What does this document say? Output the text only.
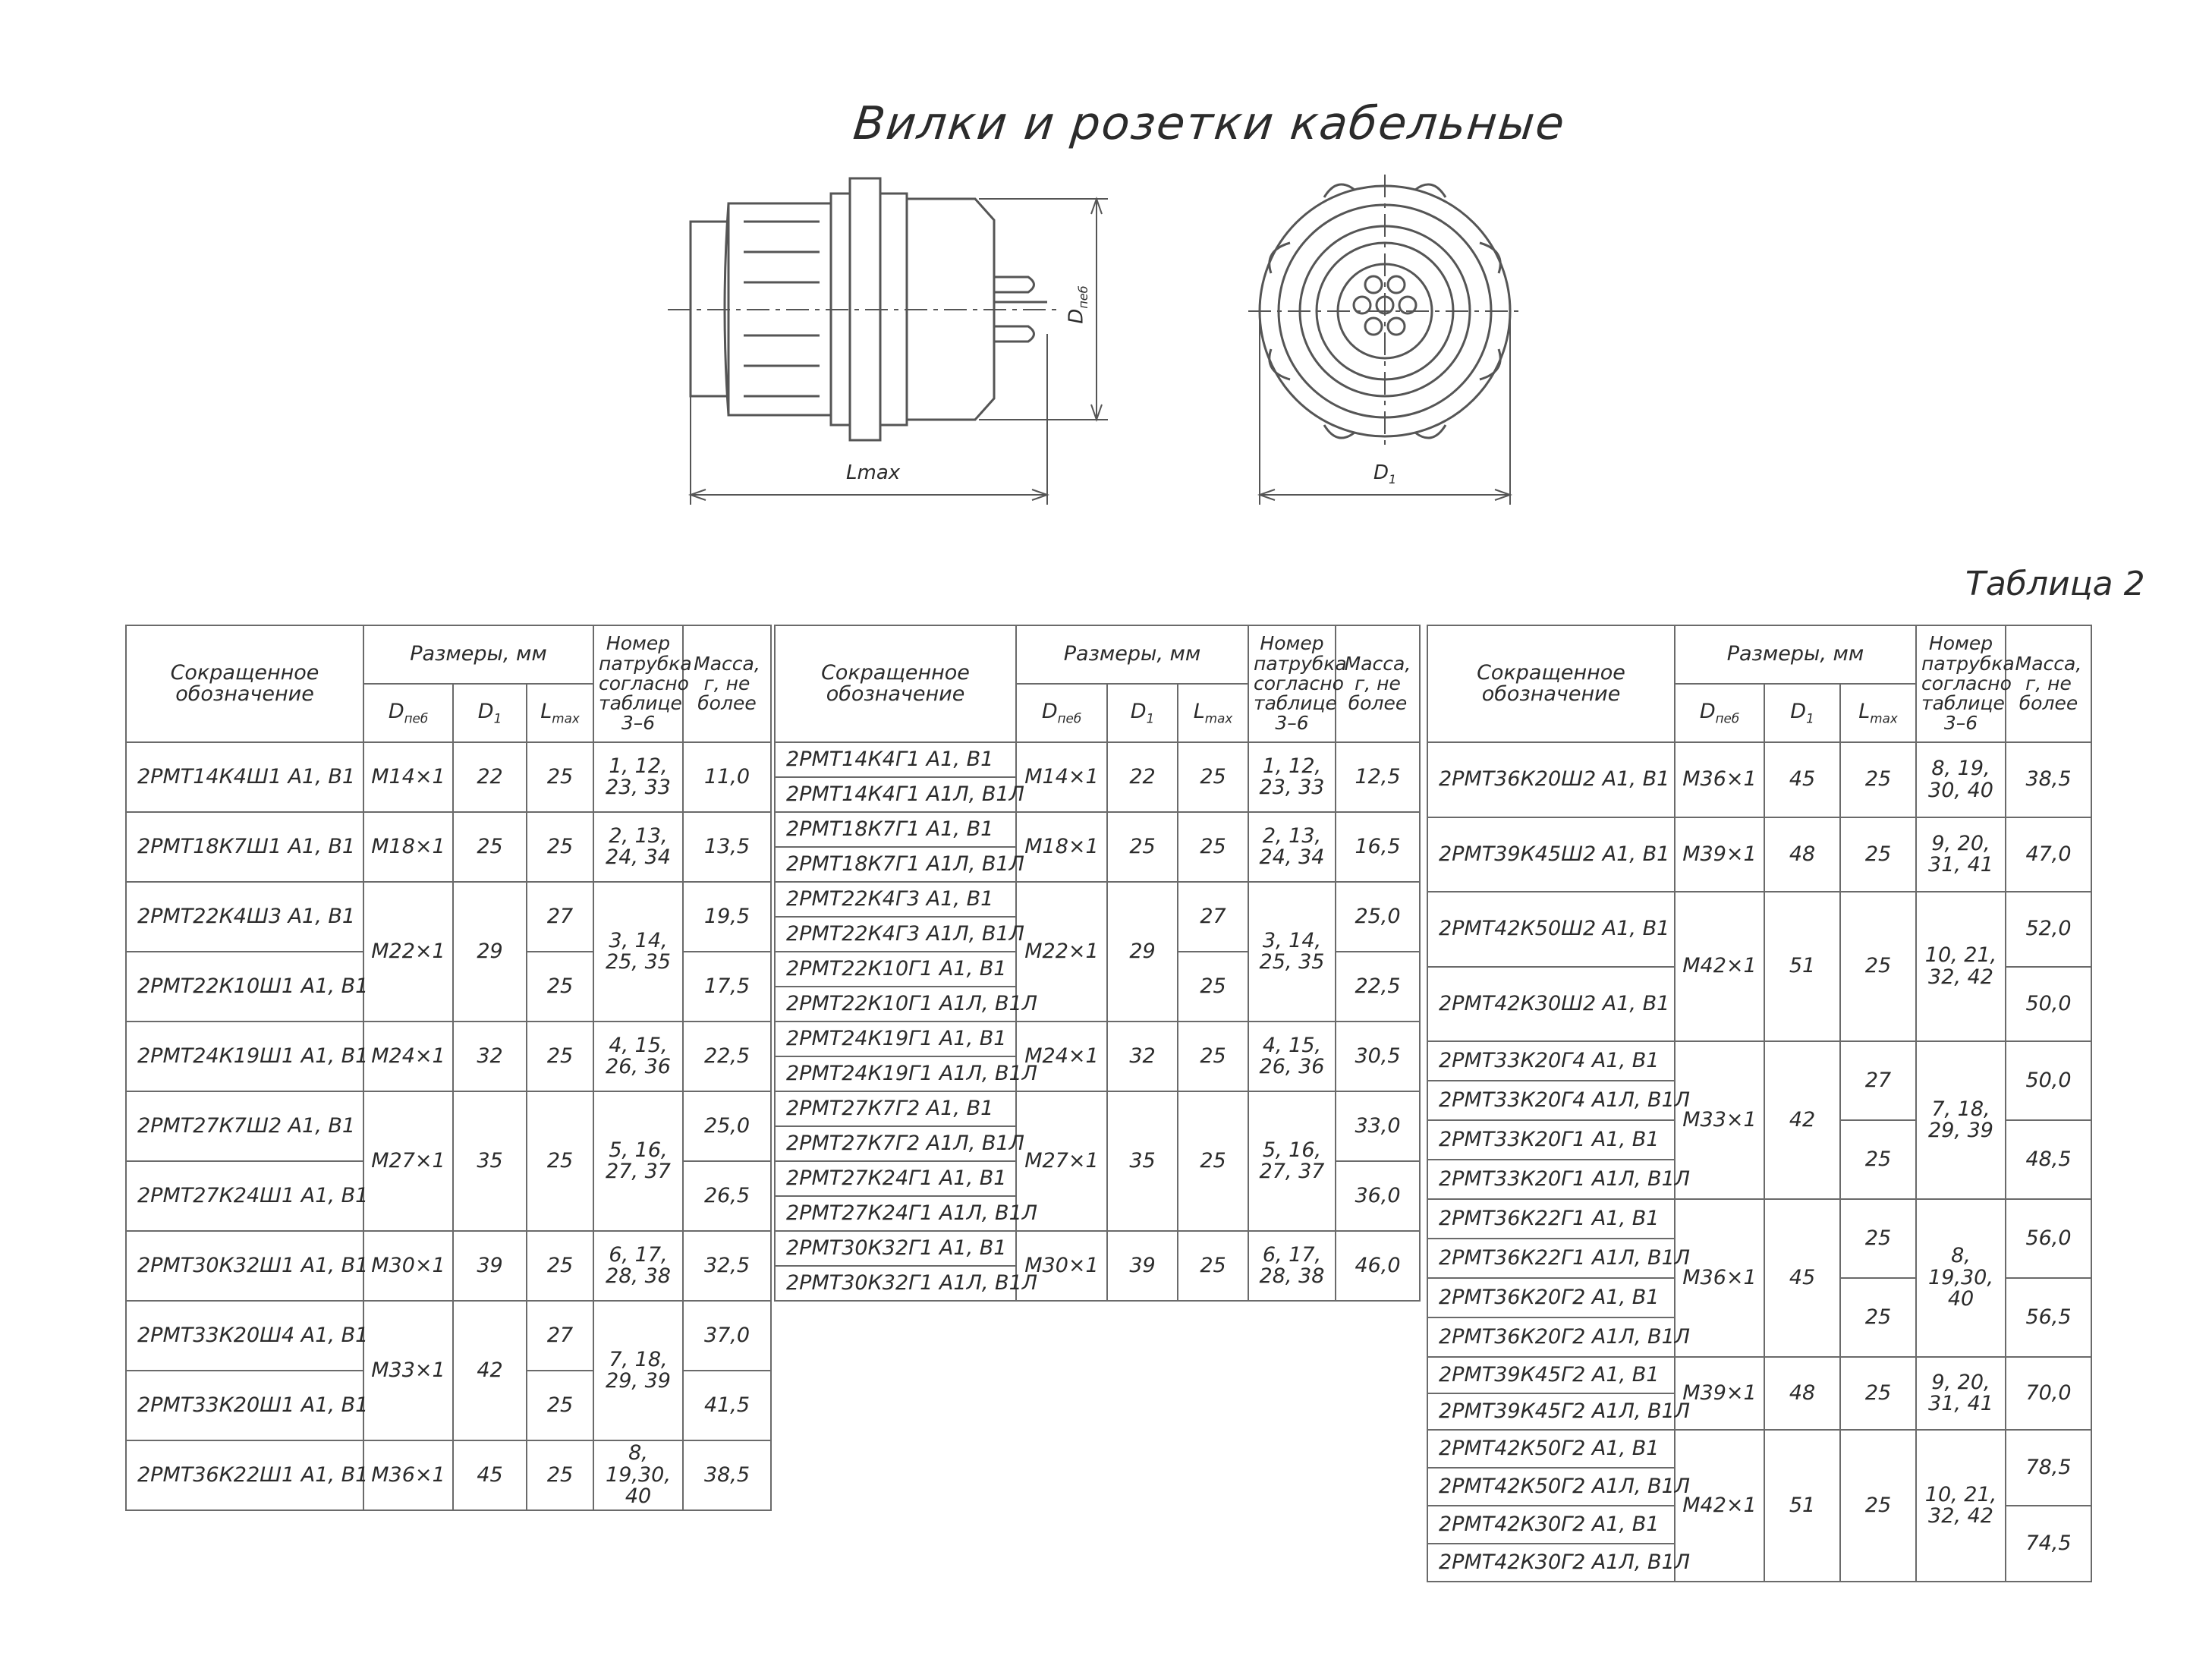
Вилки и розетки кабельные
$D_{пеб}$
Lmax	$D_1$
Таблица 2
Сокращенное обозначение	Размеры, мм			Номер патрубка согласно таблице 3–6	Масса, г, не более
	$D_{пеб}$	$D_1$	$L_{max}$
2РМТ14К4Ш1 А1, В1	М14×1	22	25	1, 12, 23, 33	11,0
2РМТ18К7Ш1 А1, В1	М18×1	25	25	2, 13, 24, 34	13,5
2РМТ22К4Ш3 А1, В1	М22×1	29	27	3, 14, 25, 35	19,5
2РМТ22К10Ш1 А1, В1			25		17,5
2РМТ24К19Ш1 А1, В1	М24×1	32	25	4, 15, 26, 36	22,5
2РМТ27К7Ш2 А1, В1	М27×1	35	25	5, 16, 27, 37	25,0
2РМТ27К24Ш1 А1, В1					26,5
2РМТ30К32Ш1 А1, В1	М30×1	39	25	6, 17, 28, 38	32,5
2РМТ33К20Ш4 А1, В1	М33×1	42	27	7, 18, 29, 39	37,0
2РМТ33К20Ш1 А1, В1			25		41,5
2РМТ36К22Ш1 А1, В1	М36×1	45	25	8, 19,30, 40	38,5
Сокращенное обозначение	Размеры, мм			Номер патрубка согласно таблице 3–6	Масса, г, не более
	$D_{пеб}$	$D_1$	$L_{max}$
2РМТ14К4Г1 А1, В1	М14×1	22	25	1, 12, 23, 33	12,5
2РМТ14К4Г1 А1Л, В1Л					
2РМТ18К7Г1 А1, В1	М18×1	25	25	2, 13, 24, 34	16,5
2РМТ18К7Г1 А1Л, В1Л					
2РМТ22К4Г3 А1, В1	М22×1	29	27	3, 14, 25, 35	25,0
2РМТ22К4Г3 А1Л, В1Л					
2РМТ22К10Г1 А1, В1			25		22,5
2РМТ22К10Г1 А1Л, В1Л					
2РМТ24К19Г1 А1, В1	М24×1	32	25	4, 15, 26, 36	30,5
2РМТ24К19Г1 А1Л, В1Л					
2РМТ27К7Г2 А1, В1	М27×1	35	25	5, 16, 27, 37	33,0
2РМТ27К7Г2 А1Л, В1Л					
2РМТ27К24Г1 А1, В1					36,0
2РМТ27К24Г1 А1Л, В1Л					
2РМТ30К32Г1 А1, В1	М30×1	39	25	6, 17, 28, 38	46,0
2РМТ30К32Г1 А1Л, В1Л					
Сокращенное обозначение	Размеры, мм			Номер патрубка согласно таблице 3–6	Масса, г, не более
	$D_{пеб}$	$D_1$	$L_{max}$
2РМТ36К20Ш2 А1, В1	М36×1	45	25	8, 19, 30, 40	38,5
2РМТ39К45Ш2 А1, В1	М39×1	48	25	9, 20, 31, 41	47,0
2РМТ42К50Ш2 А1, В1	М42×1	51	25	10, 21, 32, 42	52,0
2РМТ42К30Ш2 А1, В1					50,0
2РМТ33К20Г4 А1, В1	М33×1	42	27	7, 18, 29, 39	50,0
2РМТ33К20Г4 А1Л, В1Л					
2РМТ33К20Г1 А1, В1			25		48,5
2РМТ33К20Г1 А1Л, В1Л					
2РМТ36К22Г1 А1, В1	М36×1	45	25	8, 19,30, 40	56,0
2РМТ36К22Г1 А1Л, В1Л					
2РМТ36К20Г2 А1, В1			25		56,5
2РМТ36К20Г2 А1Л, В1Л					
2РМТ39К45Г2 А1, В1	М39×1	48	25	9, 20, 31, 41	70,0
2РМТ39К45Г2 А1Л, В1Л					
2РМТ42К50Г2 А1, В1	М42×1	51	25	10, 21, 32, 42	78,5
2РМТ42К50Г2 А1Л, В1Л					
2РМТ42К30Г2 А1, В1					74,5
2РМТ42К30Г2 А1Л, В1Л					
